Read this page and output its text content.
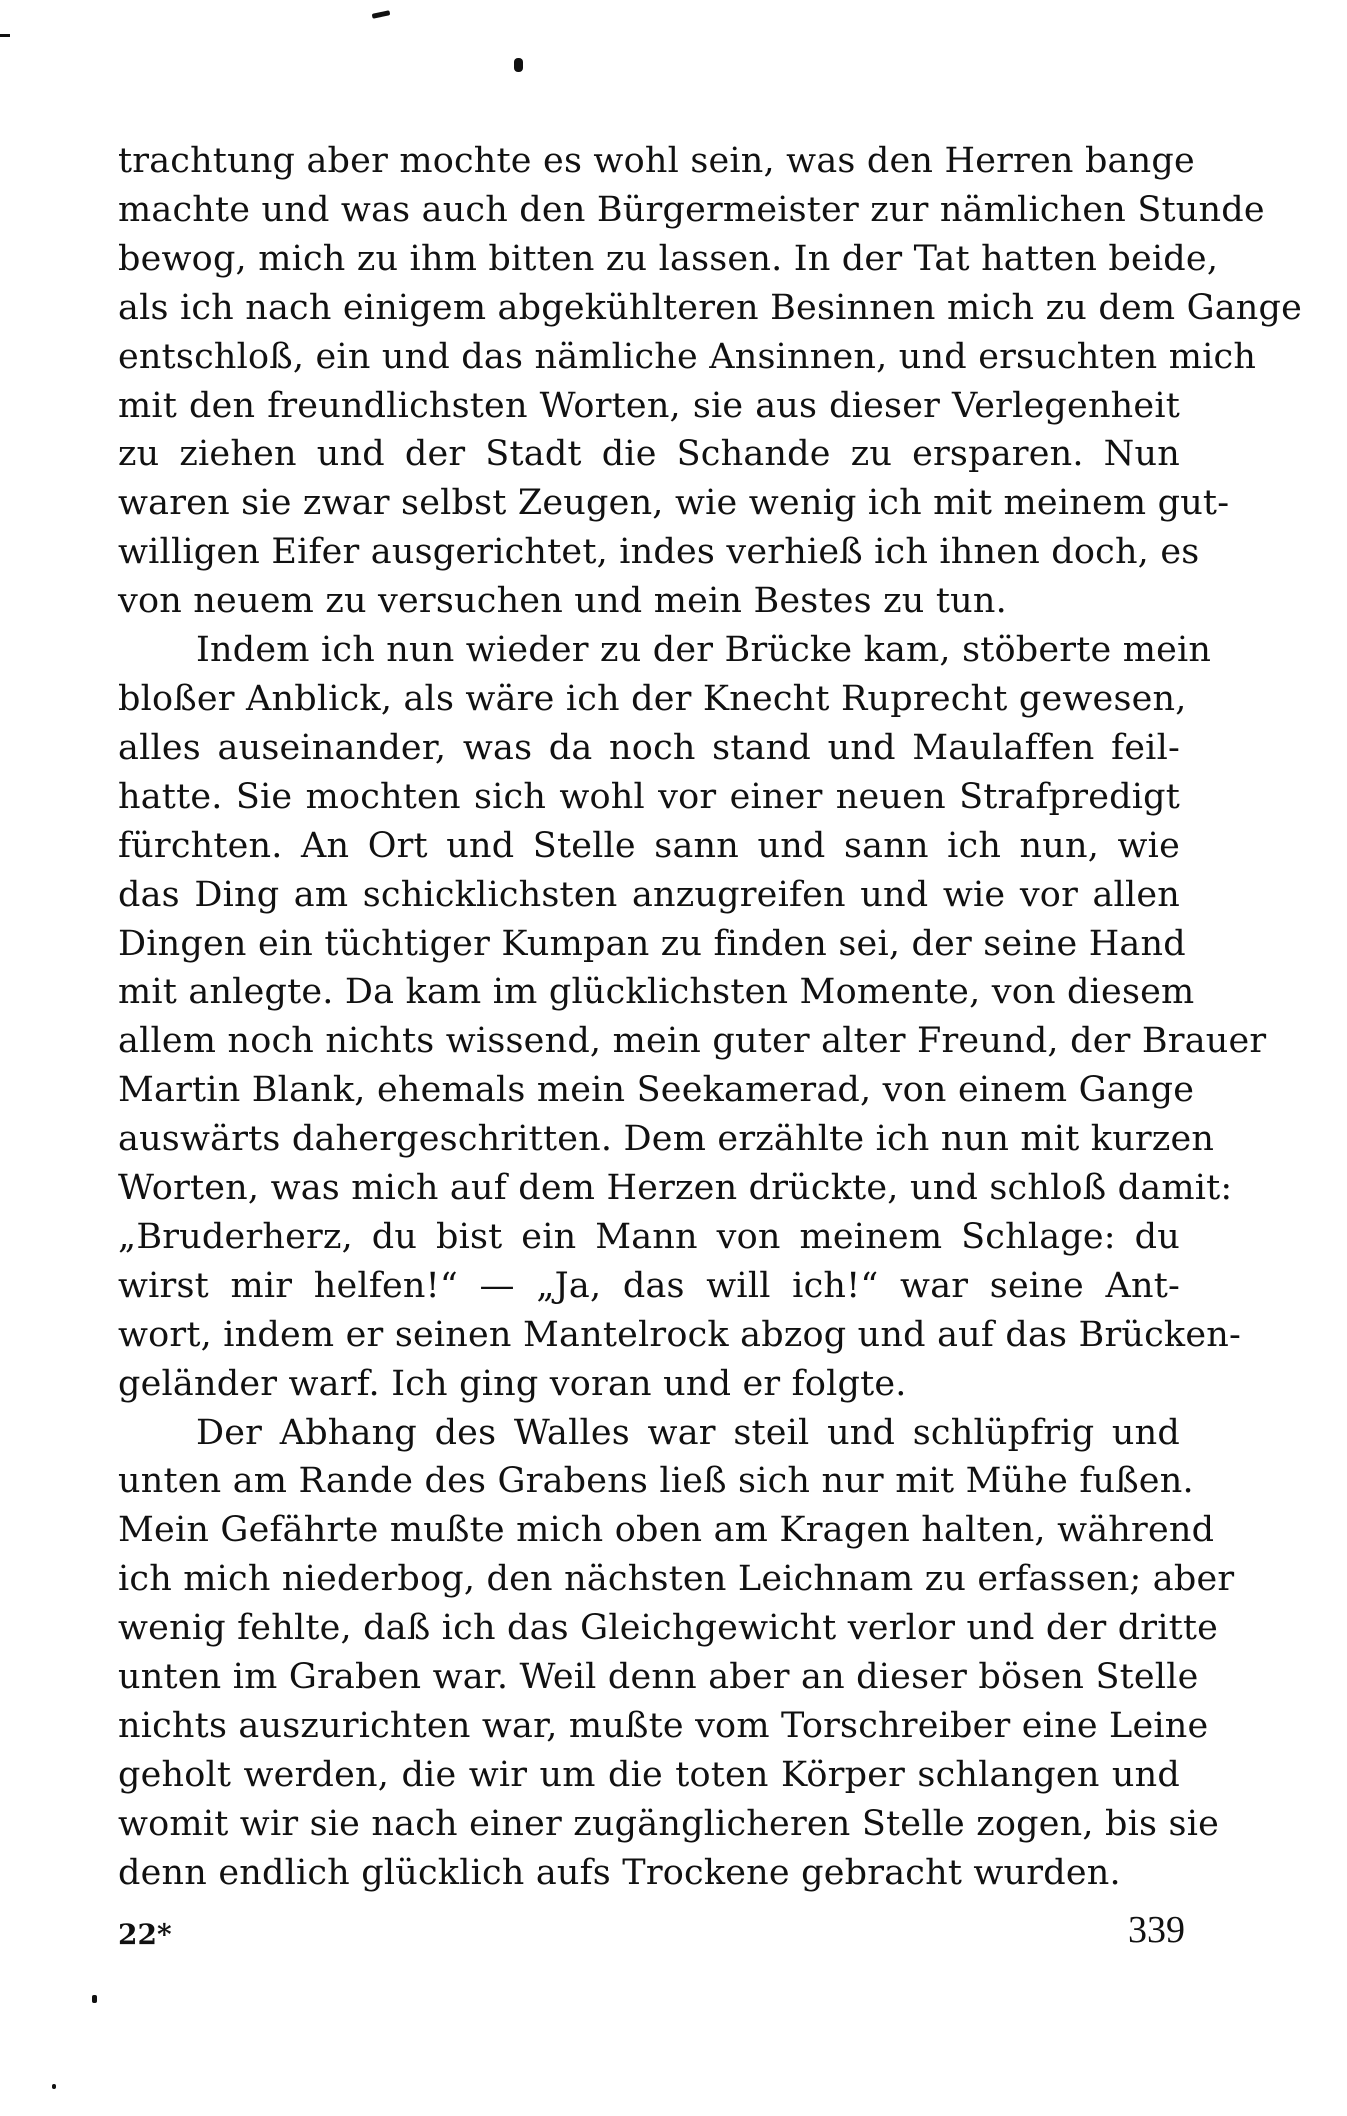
trachtung aber mochte es wohl sein, was den Herren bange
machte und was auch den Bürgermeister zur nämlichen Stunde
bewog, mich zu ihm bitten zu lassen. In der Tat hatten beide,
als ich nach einigem abgekühlteren Besinnen mich zu dem Gange
entschloß, ein und das nämliche Ansinnen, und ersuchten mich
mit den freundlichsten Worten, sie aus dieser Verlegenheit
zu ziehen und der Stadt die Schande zu ersparen. Nun
waren sie zwar selbst Zeugen, wie wenig ich mit meinem gut-
willigen Eifer ausgerichtet, indes verhieß ich ihnen doch, es
von neuem zu versuchen und mein Bestes zu tun.

Indem ich nun wieder zu der Brücke kam, stöberte mein
bloßer Anblick, als wäre ich der Knecht Ruprecht gewesen,
alles auseinander, was da noch stand und Maulaffen feil-
hatte. Sie mochten sich wohl vor einer neuen Strafpredigt
fürchten. An Ort und Stelle sann und sann ich nun, wie
das Ding am schicklichsten anzugreifen und wie vor allen
Dingen ein tüchtiger Kumpan zu finden sei, der seine Hand
mit anlegte. Da kam im glücklichsten Momente, von diesem
allem noch nichts wissend, mein guter alter Freund, der Brauer
Martin Blank, ehemals mein Seekamerad, von einem Gange
auswärts dahergeschritten. Dem erzählte ich nun mit kurzen
Worten, was mich auf dem Herzen drückte, und schloß damit:
„Bruderherz, du bist ein Mann von meinem Schlage: du
wirst mir helfen!“ — „Ja, das will ich!“ war seine Ant-
wort, indem er seinen Mantelrock abzog und auf das Brücken-
geländer warf. Ich ging voran und er folgte.

Der Abhang des Walles war steil und schlüpfrig und
unten am Rande des Grabens ließ sich nur mit Mühe fußen.
Mein Gefährte mußte mich oben am Kragen halten, während
ich mich niederbog, den nächsten Leichnam zu erfassen; aber
wenig fehlte, daß ich das Gleichgewicht verlor und der dritte
unten im Graben war. Weil denn aber an dieser bösen Stelle
nichts auszurichten war, mußte vom Torschreiber eine Leine
geholt werden, die wir um die toten Körper schlangen und
womit wir sie nach einer zugänglicheren Stelle zogen, bis sie
denn endlich glücklich aufs Trockene gebracht wurden.

22*	339
